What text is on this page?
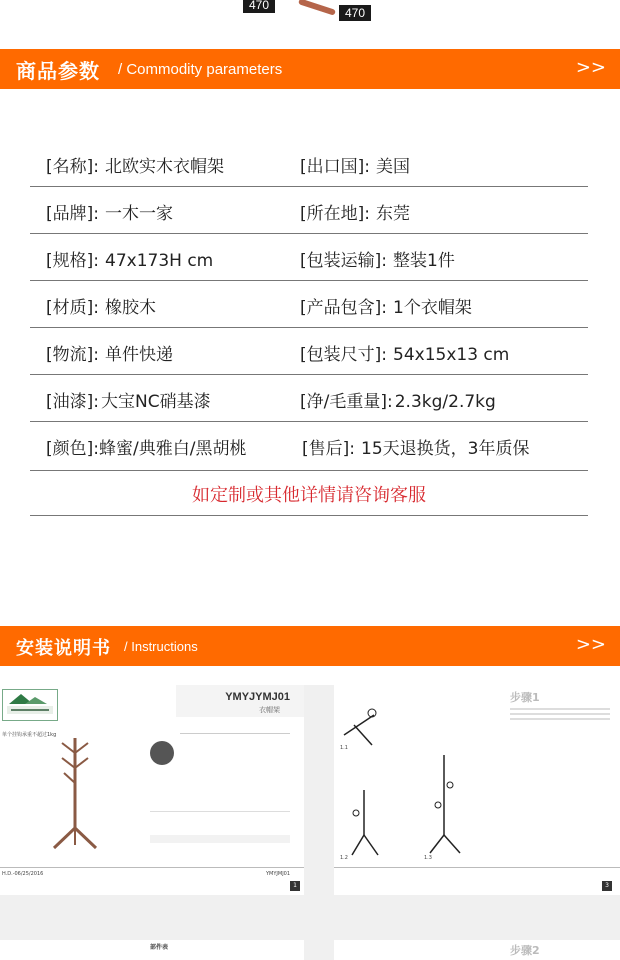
470
470
商品参数 / Commodity parameters	>>
[名称]: 北欧实木衣帽架	[出口国]: 美国
[品牌]: 一木一家	[所在地]: 东莞
[规格]: 47x173H cm	[包装运输]: 整装1件
[材质]: 橡胶木	[产品包含]: 1个衣帽架
[物流]: 单件快递	[包装尺寸]: 54x15x13 cm
[油漆]: 大宝NC硝基漆	[净/毛重量]: 2.3kg/2.7kg
[颜色]:蜂蜜/典雅白/黑胡桃	[售后]: 15天退换货，3年质保
如定制或其他详情请咨询客服
安装说明书 / Instructions	>>
YMYJYMJ01
衣帽架
单个挂钩承重不超过1kg
H.D.-06/25/2016	YMYJMJ01
1
步骤1
1.1
1.2	1.3
3
部件表	步骤2
